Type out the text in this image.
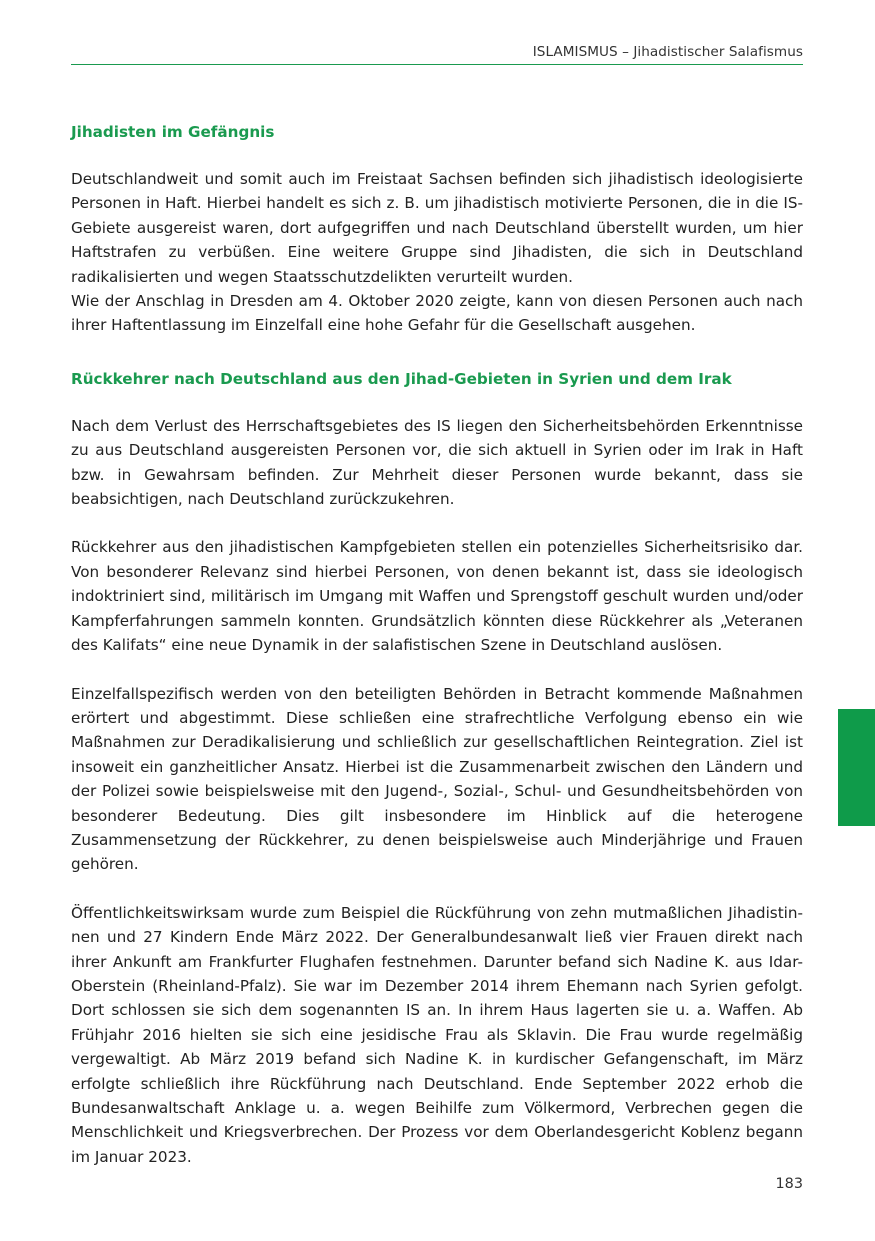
ISLAMISMUS – Jihadistischer Salafismus
Jihadisten im Gefängnis

Deutschlandweit und somit auch im Freistaat Sachsen befinden sich jihadistisch ideologisierte Personen in Haft. Hierbei handelt es sich z. B. um jihadistisch motivierte Personen, die in die IS-Gebiete ausgereist waren, dort aufgegriffen und nach Deutschland überstellt wurden, um hier Haftstrafen zu verbüßen. Eine weitere Gruppe sind Jihadisten, die sich in Deutschland radikalisierten und wegen Staatsschutzdelikten verurteilt wurden.

Wie der Anschlag in Dresden am 4. Oktober 2020 zeigte, kann von diesen Personen auch nach ihrer Haftentlassung im Einzelfall eine hohe Gefahr für die Gesellschaft ausgehen.

Rückkehrer nach Deutschland aus den Jihad-Gebieten in Syrien und dem Irak

Nach dem Verlust des Herrschaftsgebietes des IS liegen den Sicherheitsbehörden Erkenntnisse zu aus Deutschland ausgereisten Personen vor, die sich aktuell in Syrien oder im Irak in Haft bzw. in Gewahrsam befinden. Zur Mehrheit dieser Personen wurde bekannt, dass sie beabsichtigen, nach Deutschland zurückzukehren.

Rückkehrer aus den jihadistischen Kampfgebieten stellen ein potenzielles Sicherheitsrisiko dar. Von besonderer Relevanz sind hierbei Personen, von denen bekannt ist, dass sie ideologisch indoktriniert sind, militärisch im Umgang mit Waffen und Sprengstoff geschult wurden und/oder Kampferfahrungen sammeln konnten. Grundsätzlich könnten diese Rückkehrer als „Veteranen des Kalifats“ eine neue Dynamik in der salafistischen Szene in Deutschland auslösen.

Einzelfallspezifisch werden von den beteiligten Behörden in Betracht kommende Maßnahmen erörtert und abgestimmt. Diese schließen eine strafrechtliche Verfolgung ebenso ein wie Maßnahmen zur Deradikalisierung und schließlich zur gesellschaftlichen Reintegration. Ziel ist insoweit ein ganzheitlicher Ansatz. Hierbei ist die Zusammenarbeit zwischen den Ländern und der Polizei sowie beispielsweise mit den Jugend-, Sozial-, Schul- und Gesundheitsbehörden von besonderer Bedeutung. Dies gilt insbesondere im Hinblick auf die heterogene Zusammensetzung der Rückkehrer, zu denen beispielsweise auch Minderjährige und Frauen gehören.

Öffentlichkeitswirksam wurde zum Beispiel die Rückführung von zehn mutmaßlichen Jihadistinnen und 27 Kindern Ende März 2022. Der Generalbundesanwalt ließ vier Frauen direkt nach ihrer Ankunft am Frankfurter Flughafen festnehmen. Darunter befand sich Nadine K. aus Idar-Oberstein (Rheinland-Pfalz). Sie war im Dezember 2014 ihrem Ehemann nach Syrien gefolgt. Dort schlossen sie sich dem sogenannten IS an. In ihrem Haus lagerten sie u. a. Waffen. Ab Frühjahr 2016 hielten sie sich eine jesidische Frau als Sklavin. Die Frau wurde regelmäßig vergewaltigt. Ab März 2019 befand sich Nadine K. in kurdischer Gefangenschaft, im März erfolgte schließlich ihre Rückführung nach Deutschland. Ende September 2022 erhob die Bundesanwaltschaft Anklage u. a. wegen Beihilfe zum Völkermord, Verbrechen gegen die Menschlichkeit und Kriegsverbrechen. Der Prozess vor dem Oberlandesgericht Koblenz begann im Januar 2023.

183
